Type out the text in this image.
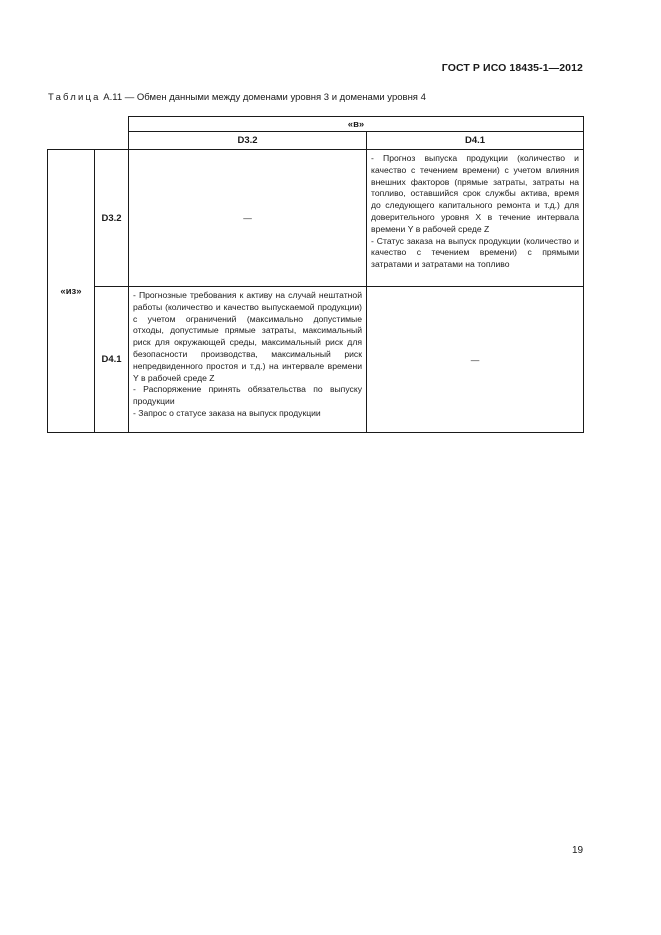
ГОСТ Р ИСО 18435-1—2012
Таблица А.11 — Обмен данными между доменами уровня 3 и доменами уровня 4
		«в»	
		D3.2	D4.1
«из»	D3.2	—	- Прогноз выпуска продукции (количество и качество с течением времени) с учетом влияния внешних факторов (прямые затраты, затраты на топливо, оставшийся срок службы актива, время до следующего капитального ремонта и т.д.) для доверительного уровня X в течение интервала времени Y в рабочей среде Z

- Статус заказа на выпуск продукции (количество и качество с течением времени) с прямыми затратами и затратами на топливо

	D4.1	- Прогнозные требования к активу на случай нештатной работы (количество и качество выпускаемой продукции) с учетом ограничений (максимально допустимые отходы, допустимые прямые затраты, максимальный риск для окружающей среды, максимальный риск для безопасности производства, максимальный риск непредвиденного простоя и т.д.) на интервале времени Y в рабочей среде Z

- Распоряжение принять обязательства по выпуску продукции

- Запрос о статусе заказа на выпуск продукции	—
19
